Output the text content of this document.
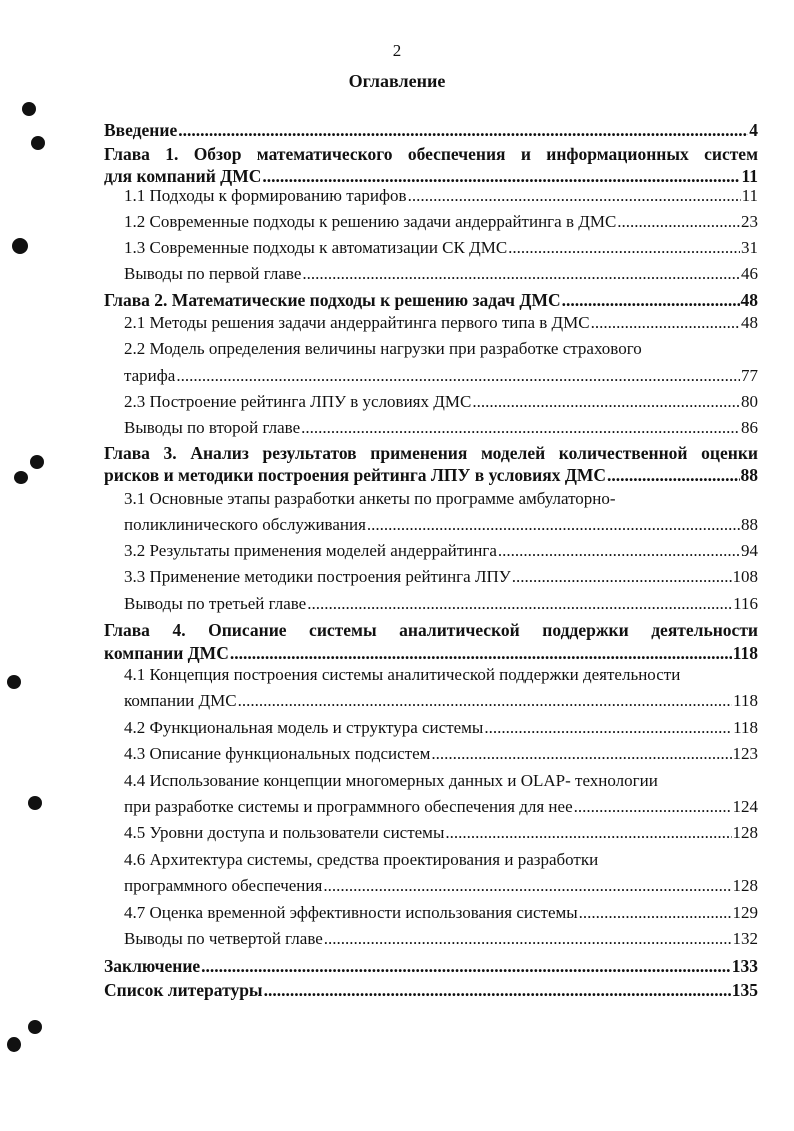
2
Оглавление
Введение .....	4
Глава 1. Обзор математического обеспечения и информационных систем
для компаний ДМС .....	11
1.1 Подходы к формированию тарифов .....	11
1.2 Современные подходы к решению задачи андеррайтинга в ДМС .....	23
1.3 Современные подходы к автоматизации СК ДМС .....	31
Выводы по первой главе .....	46
Глава 2. Математические подходы к решению задач ДМС .....	48
2.1 Методы решения задачи андеррайтинга первого типа в ДМС .....	48
2.2 Модель определения величины нагрузки при разработке страхового
тарифа .....	77
2.3 Построение рейтинга ЛПУ в условиях ДМС .....	80
Выводы по второй главе .....	86
Глава 3. Анализ результатов применения моделей количественной оценки
рисков и методики построения рейтинга ЛПУ в условиях ДМС .....	88
3.1 Основные этапы разработки анкеты по программе амбулаторно-
поликлинического обслуживания .....	88
3.2 Результаты применения моделей андеррайтинга .....	94
3.3 Применение методики построения рейтинга ЛПУ .....	108
Выводы по третьей главе .....	116
Глава 4. Описание системы аналитической поддержки деятельности
компании ДМС .....	118
4.1 Концепция построения системы аналитической поддержки деятельности
компании ДМС .....	118
4.2 Функциональная модель и структура системы .....	118
4.3 Описание функциональных подсистем .....	123
4.4 Использование концепции многомерных данных и OLAP- технологии
при разработке системы и программного обеспечения для нее .....	124
4.5 Уровни доступа и пользователи системы .....	128
4.6 Архитектура системы, средства проектирования и разработки
программного обеспечения .....	128
4.7 Оценка временной эффективности использования системы .....	129
Выводы по четвертой главе .....	132
Заключение .....	133
Список литературы .....	135
